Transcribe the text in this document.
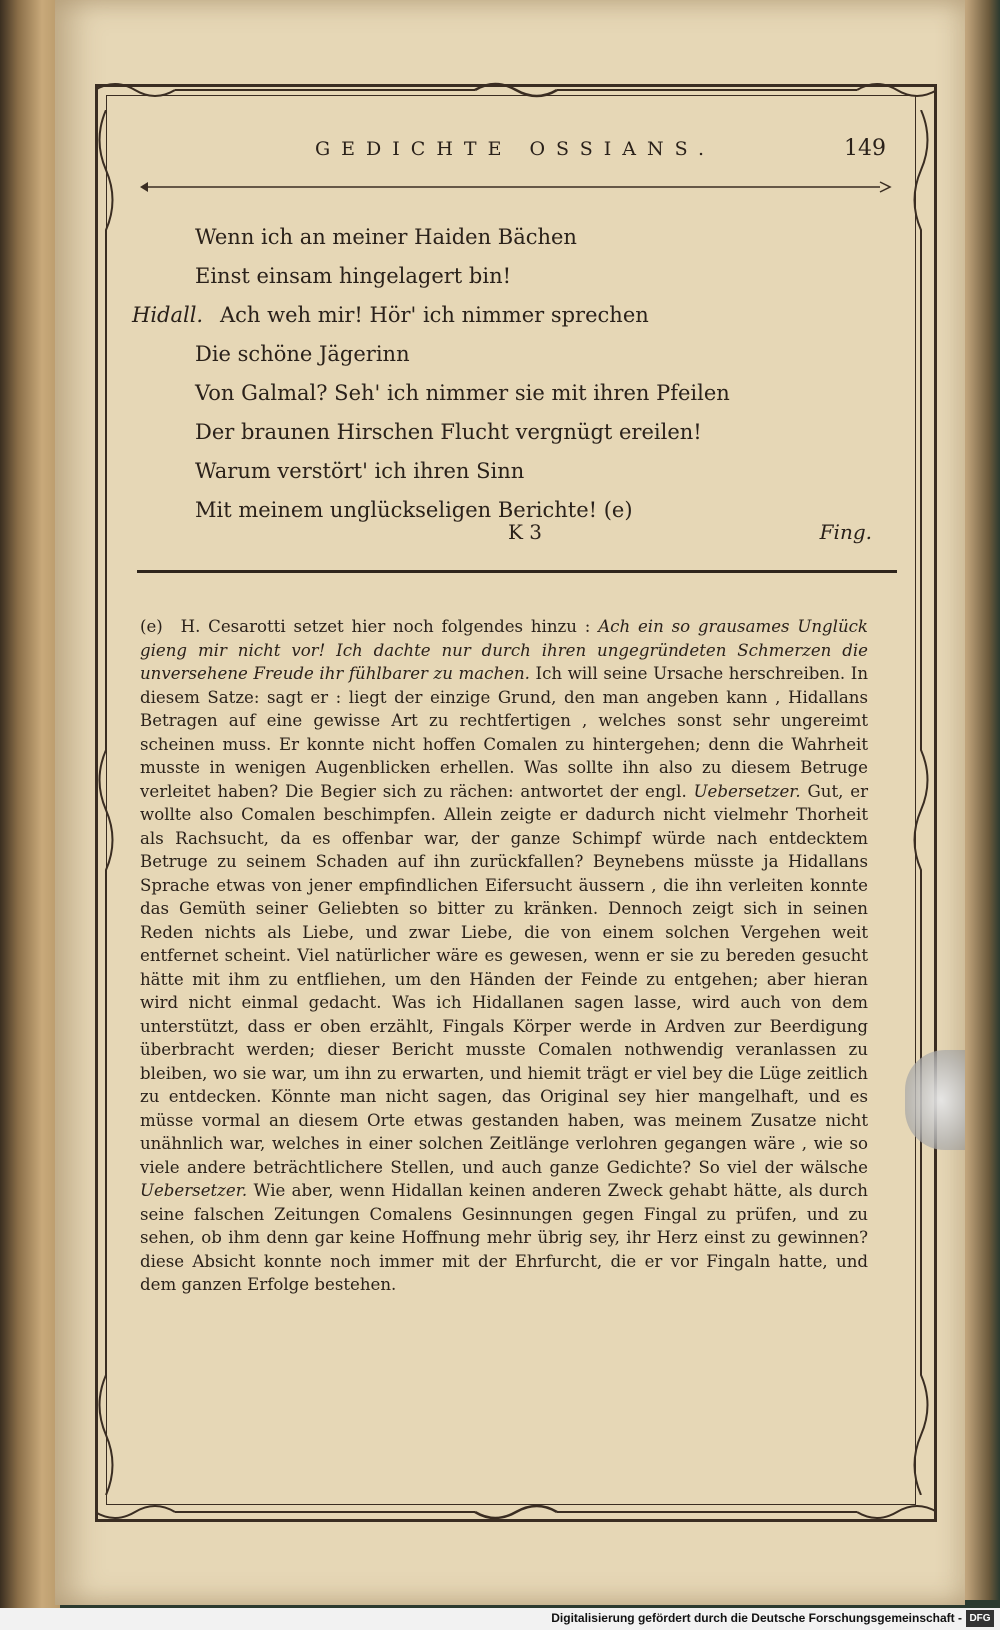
GEDICHTE OSSIANS.	149
Wenn ich an meiner Haiden Bächen
Einst einsam hingelagert bin!
Hidall. Ach weh mir! Hör' ich nimmer sprechen
Die schöne Jägerinn
Von Galmal? Seh' ich nimmer sie mit ihren Pfeilen
Der braunen Hirschen Flucht vergnügt ereilen!
Warum verstört' ich ihren Sinn
Mit meinem unglückseligen Berichte! (e)
K 3	Fing.
(e) H. Cesarotti setzet hier noch folgendes hinzu : Ach ein so grausames Unglück gieng mir nicht vor! Ich dachte nur durch ihren ungegründeten Schmerzen die unversehene Freude ihr fühlbarer zu machen. Ich will seine Ursache herschreiben. In diesem Satze: sagt er : liegt der einzige Grund, den man angeben kann , Hidallans Betragen auf eine gewisse Art zu rechtfertigen , welches sonst sehr ungereimt scheinen muss. Er konnte nicht hoffen Comalen zu hintergehen; denn die Wahrheit musste in wenigen Augenblicken erhellen. Was sollte ihn also zu diesem Betruge verleitet haben? Die Begier sich zu rächen: antwortet der engl. Uebersetzer. Gut, er wollte also Comalen beschimpfen. Allein zeigte er dadurch nicht vielmehr Thorheit als Rachsucht, da es offenbar war, der ganze Schimpf würde nach entdecktem Betruge zu seinem Schaden auf ihn zurückfallen? Beynebens müsste ja Hidallans Sprache etwas von jener empfindlichen Eifersucht äussern , die ihn verleiten konnte das Gemüth seiner Geliebten so bitter zu kränken. Dennoch zeigt sich in seinen Reden nichts als Liebe, und zwar Liebe, die von einem solchen Vergehen weit entfernet scheint. Viel natürlicher wäre es gewesen, wenn er sie zu bereden gesucht hätte mit ihm zu entfliehen, um den Händen der Feinde zu entgehen; aber hieran wird nicht einmal gedacht. Was ich Hidallanen sagen lasse, wird auch von dem unterstützt, dass er oben erzählt, Fingals Körper werde in Ardven zur Beerdigung überbracht werden; dieser Bericht musste Comalen nothwendig veranlassen zu bleiben, wo sie war, um ihn zu erwarten, und hiemit trägt er viel bey die Lüge zeitlich zu entdecken. Könnte man nicht sagen, das Original sey hier mangelhaft, und es müsse vormal an diesem Orte etwas gestanden haben, was meinem Zusatze nicht unähnlich war, welches in einer solchen Zeitlänge verlohren gegangen wäre , wie so viele andere beträchtlichere Stellen, und auch ganze Gedichte? So viel der wälsche Uebersetzer. Wie aber, wenn Hidallan keinen anderen Zweck gehabt hätte, als durch seine falschen Zeitungen Comalens Gesinnungen gegen Fingal zu prüfen, und zu sehen, ob ihm denn gar keine Hoffnung mehr übrig sey, ihr Herz einst zu gewinnen? diese Absicht konnte noch immer mit der Ehrfurcht, die er vor Fingaln hatte, und dem ganzen Erfolge bestehen.
Digitalisierung gefördert durch die Deutsche Forschungsgemeinschaft - DFG
